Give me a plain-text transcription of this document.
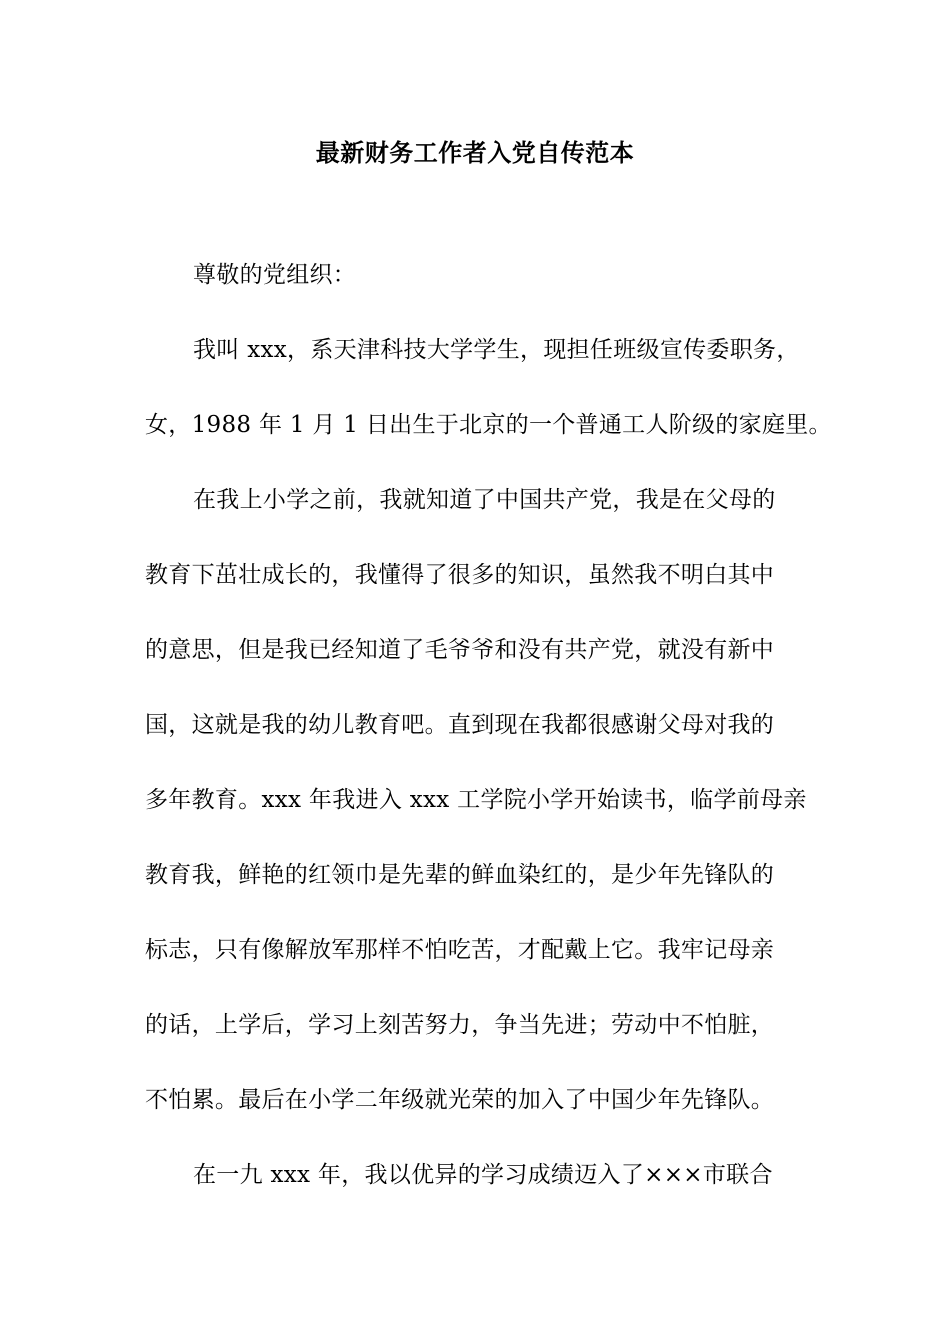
最新财务工作者入党自传范本
尊敬的党组织：
我叫 xxx，系天津科技大学学生，现担任班级宣传委职务，
女，1988 年 1 月 1 日出生于北京的一个普通工人阶级的家庭里。
在我上小学之前，我就知道了中国共产党，我是在父母的
教育下茁壮成长的，我懂得了很多的知识，虽然我不明白其中
的意思，但是我已经知道了毛爷爷和没有共产党，就没有新中
国，这就是我的幼儿教育吧。直到现在我都很感谢父母对我的
多年教育。xxx 年我进入 xxx 工学院小学开始读书，临学前母亲
教育我，鲜艳的红领巾是先辈的鲜血染红的，是少年先锋队的
标志，只有像解放军那样不怕吃苦，才配戴上它。我牢记母亲
的话，上学后，学习上刻苦努力，争当先进；劳动中不怕脏，
不怕累。最后在小学二年级就光荣的加入了中国少年先锋队。
在一九 xxx 年，我以优异的学习成绩迈入了×××市联合
